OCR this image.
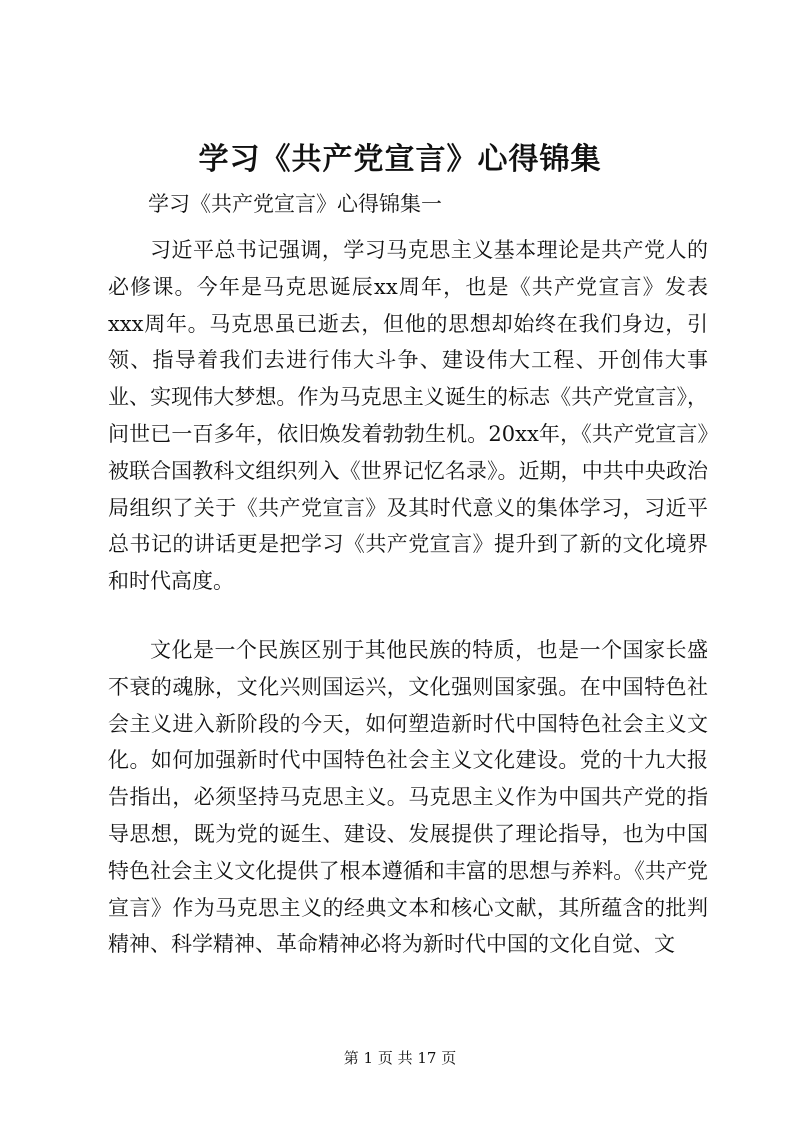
学习《共产党宣言》心得锦集

学习《共产党宣言》心得锦集一

习近平总书记强调，学习马克思主义基本理论是共产党人的必修课。今年是马克思诞辰xx周年，也是《共产党宣言》发表xxx周年。马克思虽已逝去，但他的思想却始终在我们身边，引领、指导着我们去进行伟大斗争、建设伟大工程、开创伟大事业、实现伟大梦想。作为马克思主义诞生的标志《共产党宣言》，问世已一百多年，依旧焕发着勃勃生机。20xx年，《共产党宣言》被联合国教科文组织列入《世界记忆名录》。近期，中共中央政治局组织了关于《共产党宣言》及其时代意义的集体学习，习近平总书记的讲话更是把学习《共产党宣言》提升到了新的文化境界和时代高度。

文化是一个民族区别于其他民族的特质，也是一个国家长盛不衰的魂脉，文化兴则国运兴，文化强则国家强。在中国特色社会主义进入新阶段的今天，如何塑造新时代中国特色社会主义文化。如何加强新时代中国特色社会主义文化建设。党的十九大报告指出，必须坚持马克思主义。马克思主义作为中国共产党的指导思想，既为党的诞生、建设、发展提供了理论指导，也为中国特色社会主义文化提供了根本遵循和丰富的思想与养料。《共产党宣言》作为马克思主义的经典文本和核心文献，其所蕴含的批判精神、科学精神、革命精神必将为新时代中国的文化自觉、文

第 1 页 共 17 页
